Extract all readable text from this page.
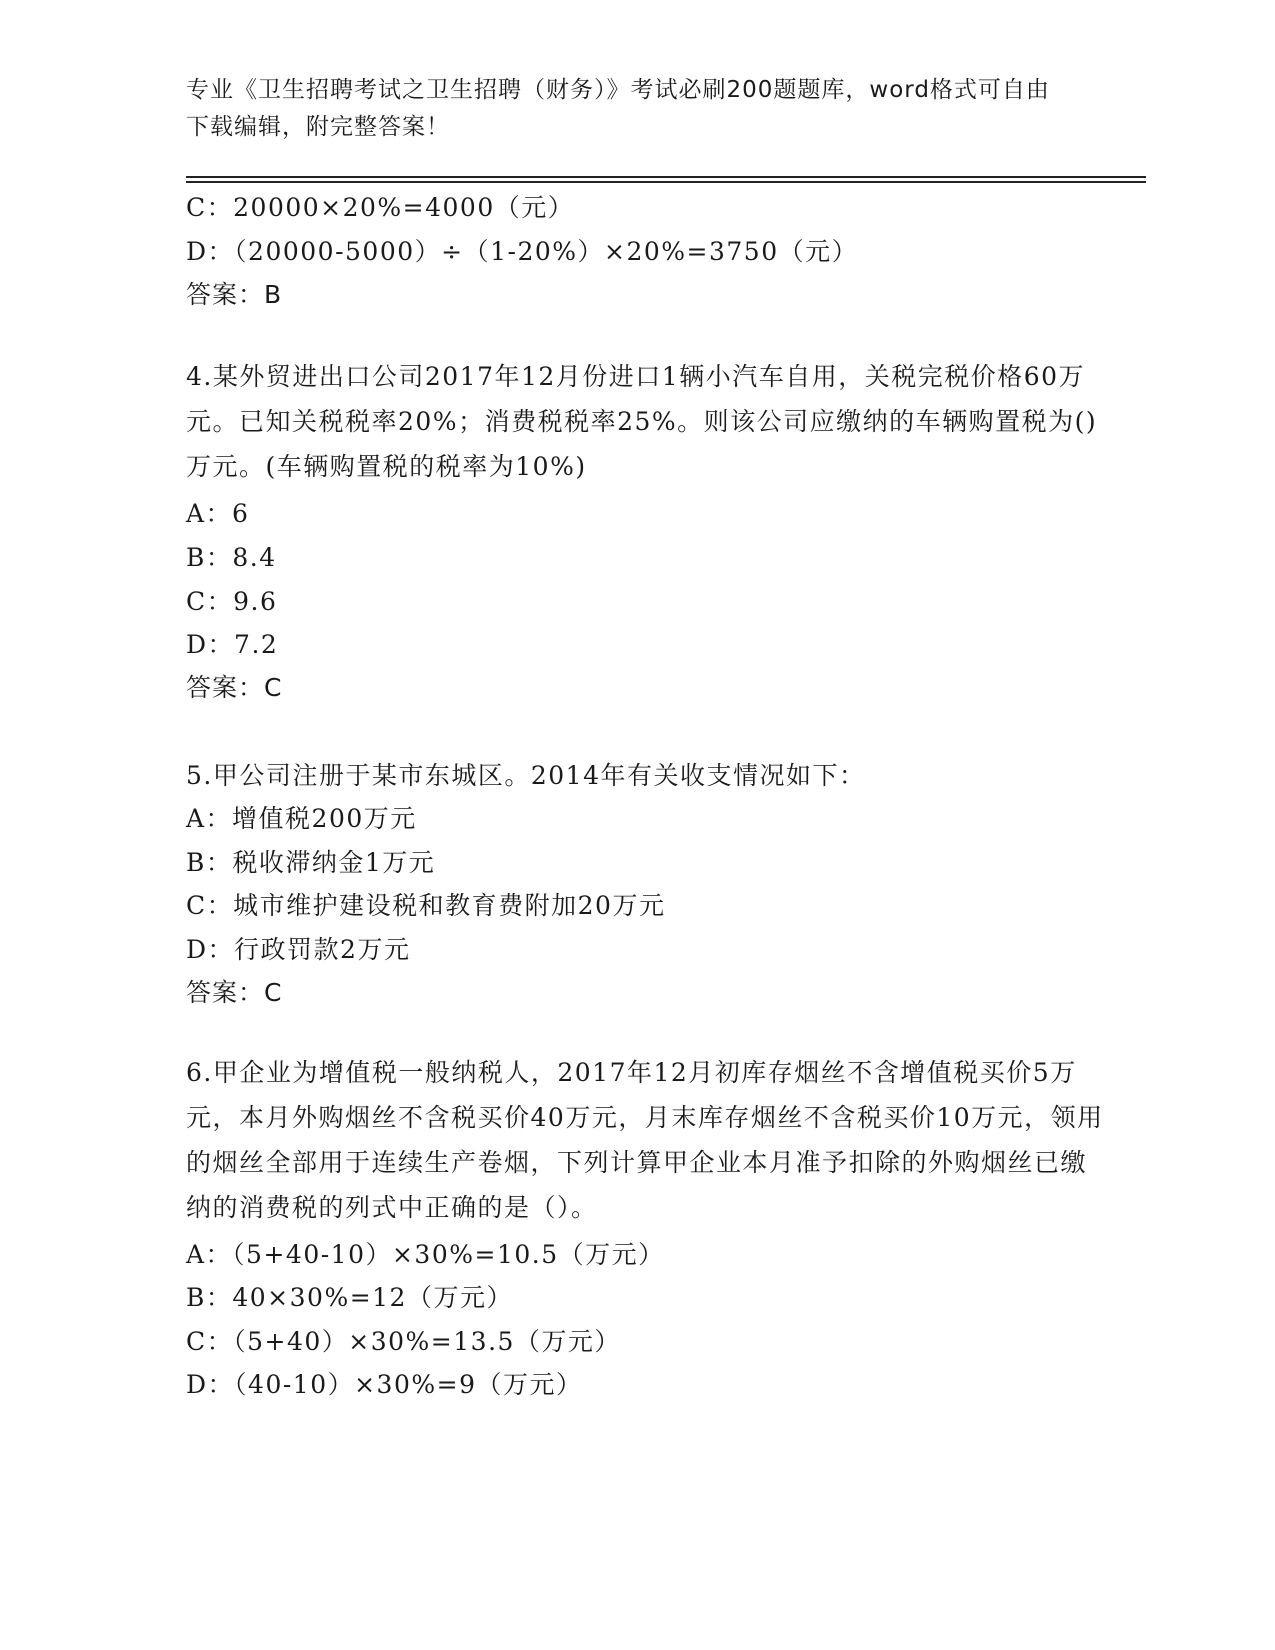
专业《卫生招聘考试之卫生招聘（财务）》考试必刷200题题库，word格式可自由下载编辑，附完整答案！
C：20000×20%=4000（元）
D：（20000-5000）÷（1-20%）×20%=3750（元）
答案：B
4.某外贸进出口公司2017年12月份进口1辆小汽车自用，关税完税价格60万元。已知关税税率20%；消费税税率25%。则该公司应缴纳的车辆购置税为()万元。(车辆购置税的税率为10%)
A：6
B：8.4
C：9.6
D：7.2
答案：C
5.甲公司注册于某市东城区。2014年有关收支情况如下：
A：增值税200万元
B：税收滞纳金1万元
C：城市维护建设税和教育费附加20万元
D：行政罚款2万元
答案：C
6.甲企业为增值税一般纳税人，2017年12月初库存烟丝不含增值税买价5万元，本月外购烟丝不含税买价40万元，月末库存烟丝不含税买价10万元，领用的烟丝全部用于连续生产卷烟，下列计算甲企业本月准予扣除的外购烟丝已缴纳的消费税的列式中正确的是（）。
A：（5+40-10）×30%=10.5（万元）
B：40×30%=12（万元）
C：（5+40）×30%=13.5（万元）
D：（40-10）×30%=9（万元）
